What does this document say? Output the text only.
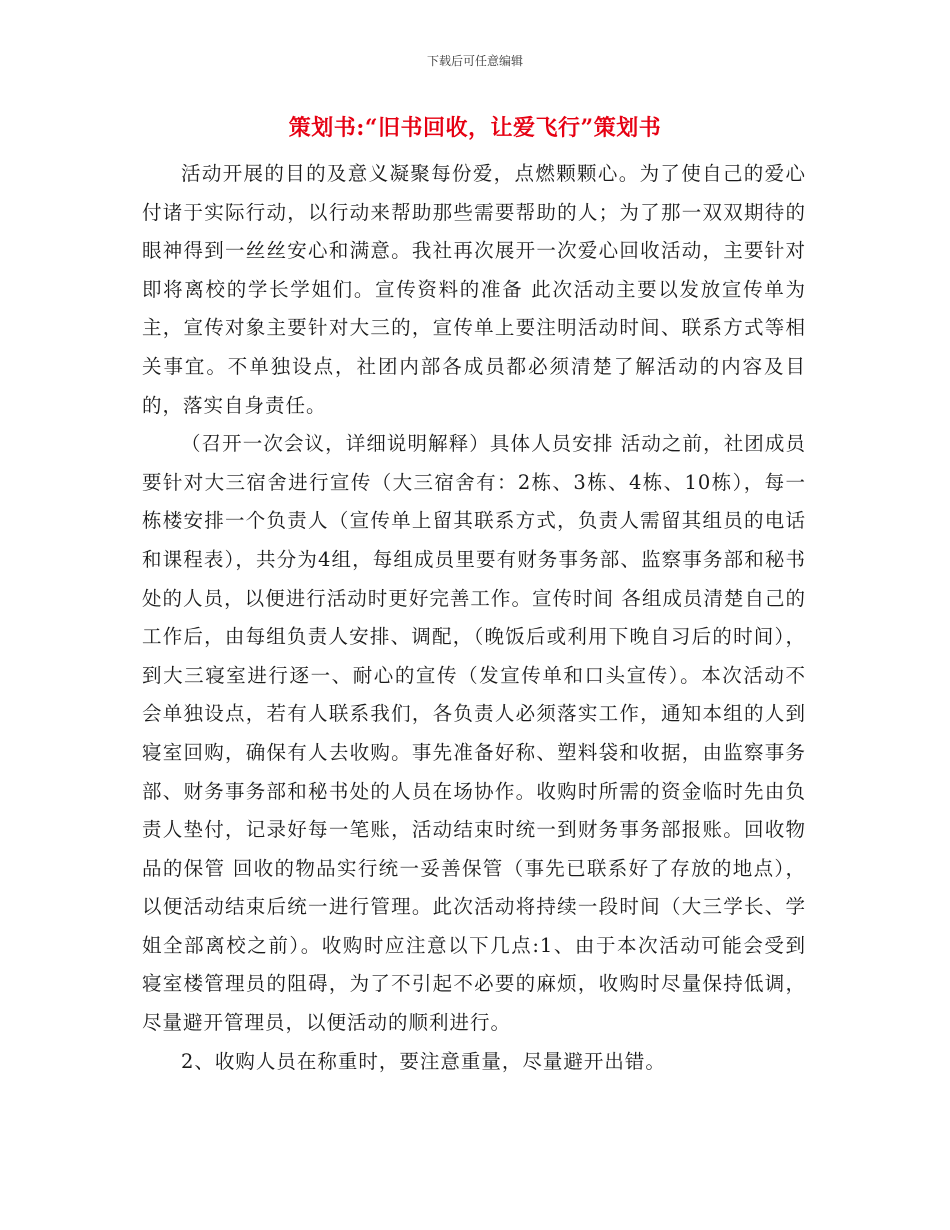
下载后可任意编辑
策划书:“旧书回收，让爱飞行”策划书

活动开展的目的及意义凝聚每份爱，点燃颗颗心。为了使自己的爱心付诸于实际行动，以行动来帮助那些需要帮助的人；为了那一双双期待的眼神得到一丝丝安心和满意。我社再次展开一次爱心回收活动，主要针对即将离校的学长学姐们。宣传资料的准备 此次活动主要以发放宣传单为主，宣传对象主要针对大三的，宣传单上要注明活动时间、联系方式等相关事宜。不单独设点，社团内部各成员都必须清楚了解活动的内容及目的，落实自身责任。

（召开一次会议，详细说明解释）具体人员安排 活动之前，社团成员要针对大三宿舍进行宣传（大三宿舍有：2栋、3栋、4栋、10栋），每一栋楼安排一个负责人（宣传单上留其联系方式，负责人需留其组员的电话和课程表），共分为4组，每组成员里要有财务事务部、监察事务部和秘书处的人员，以便进行活动时更好完善工作。宣传时间 各组成员清楚自己的工作后，由每组负责人安排、调配，（晚饭后或利用下晚自习后的时间），到大三寝室进行逐一、耐心的宣传（发宣传单和口头宣传）。本次活动不会单独设点，若有人联系我们，各负责人必须落实工作，通知本组的人到寝室回购，确保有人去收购。事先准备好称、塑料袋和收据，由监察事务部、财务事务部和秘书处的人员在场协作。收购时所需的资金临时先由负责人垫付，记录好每一笔账，活动结束时统一到财务事务部报账。回收物品的保管 回收的物品实行统一妥善保管（事先已联系好了存放的地点），以便活动结束后统一进行管理。此次活动将持续一段时间（大三学长、学姐全部离校之前）。收购时应注意以下几点:1、由于本次活动可能会受到寝室楼管理员的阻碍，为了不引起不必要的麻烦，收购时尽量保持低调，尽量避开管理员，以便活动的顺利进行。

2、收购人员在称重时，要注意重量，尽量避开出错。
